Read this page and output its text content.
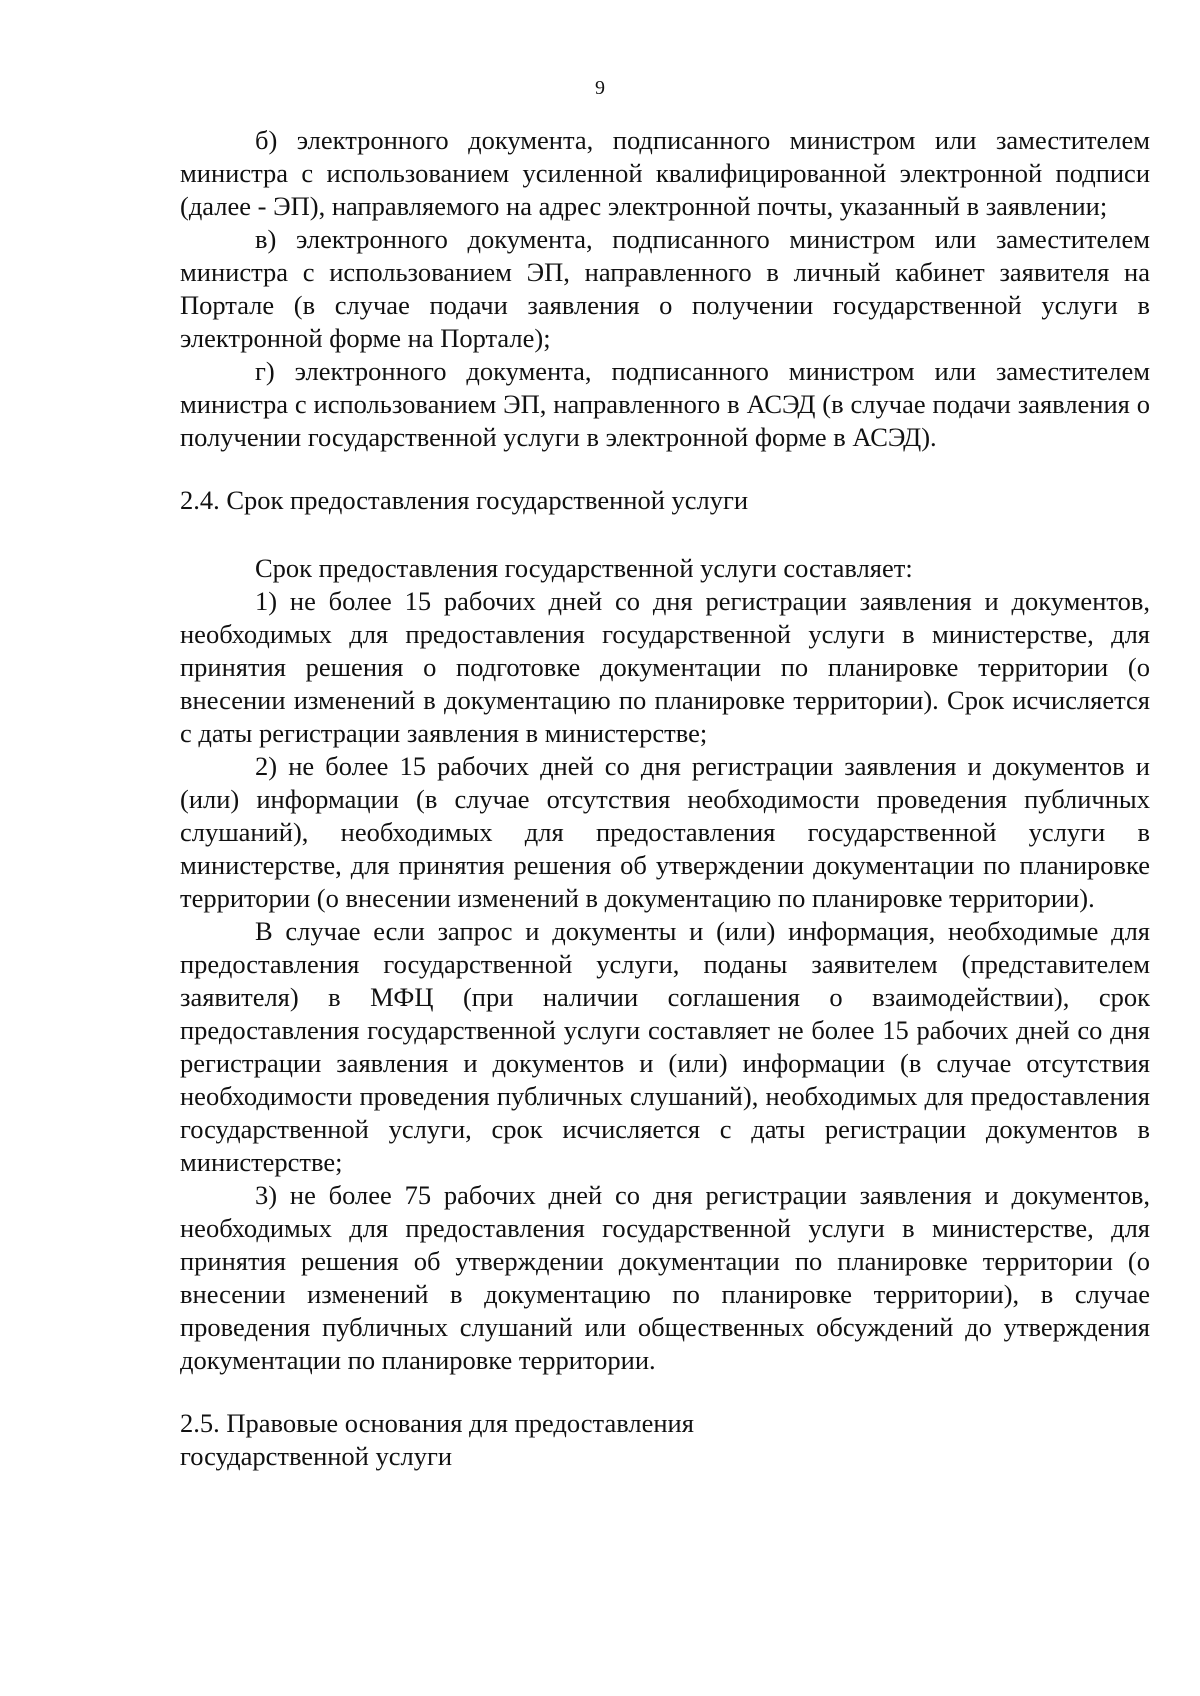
9

б) электронного документа, подписанного министром или заместителем министра с использованием усиленной квалифицированной электронной подписи (далее - ЭП), направляемого на адрес электронной почты, указанный в заявлении;

в) электронного документа, подписанного министром или заместителем министра с использованием ЭП, направленного в личный кабинет заявителя на Портале (в случае подачи заявления о получении государственной услуги в электронной форме на Портале);

г) электронного документа, подписанного министром или заместителем министра с использованием ЭП, направленного в АСЭД (в случае подачи заявления о получении государственной услуги в электронной форме в АСЭД).

2.4. Срок предоставления государственной услуги

Срок предоставления государственной услуги составляет:

1) не более 15 рабочих дней со дня регистрации заявления и документов, необходимых для предоставления государственной услуги в министерстве, для принятия решения о подготовке документации по планировке территории (о внесении изменений в документацию по планировке территории). Срок исчисляется с даты регистрации заявления в министерстве;

2) не более 15 рабочих дней со дня регистрации заявления и документов и (или) информации (в случае отсутствия необходимости проведения публичных слушаний), необходимых для предоставления государственной услуги в министерстве, для принятия решения об утверждении документации по планировке территории (о внесении изменений в документацию по планировке территории).

В случае если запрос и документы и (или) информация, необходимые для предоставления государственной услуги, поданы заявителем (представителем заявителя) в МФЦ (при наличии соглашения о взаимодействии), срок предоставления государственной услуги составляет не более 15 рабочих дней со дня регистрации заявления и документов и (или) информации (в случае отсутствия необходимости проведения публичных слушаний), необходимых для предоставления государственной услуги, срок исчисляется с даты регистрации документов в министерстве;

3) не более 75 рабочих дней со дня регистрации заявления и документов, необходимых для предоставления государственной услуги в министерстве, для принятия решения об утверждении документации по планировке территории (о внесении изменений в документацию по планировке территории), в случае проведения публичных слушаний или общественных обсуждений до утверждения документации по планировке территории.

2.5. Правовые основания для предоставления

государственной услуги
